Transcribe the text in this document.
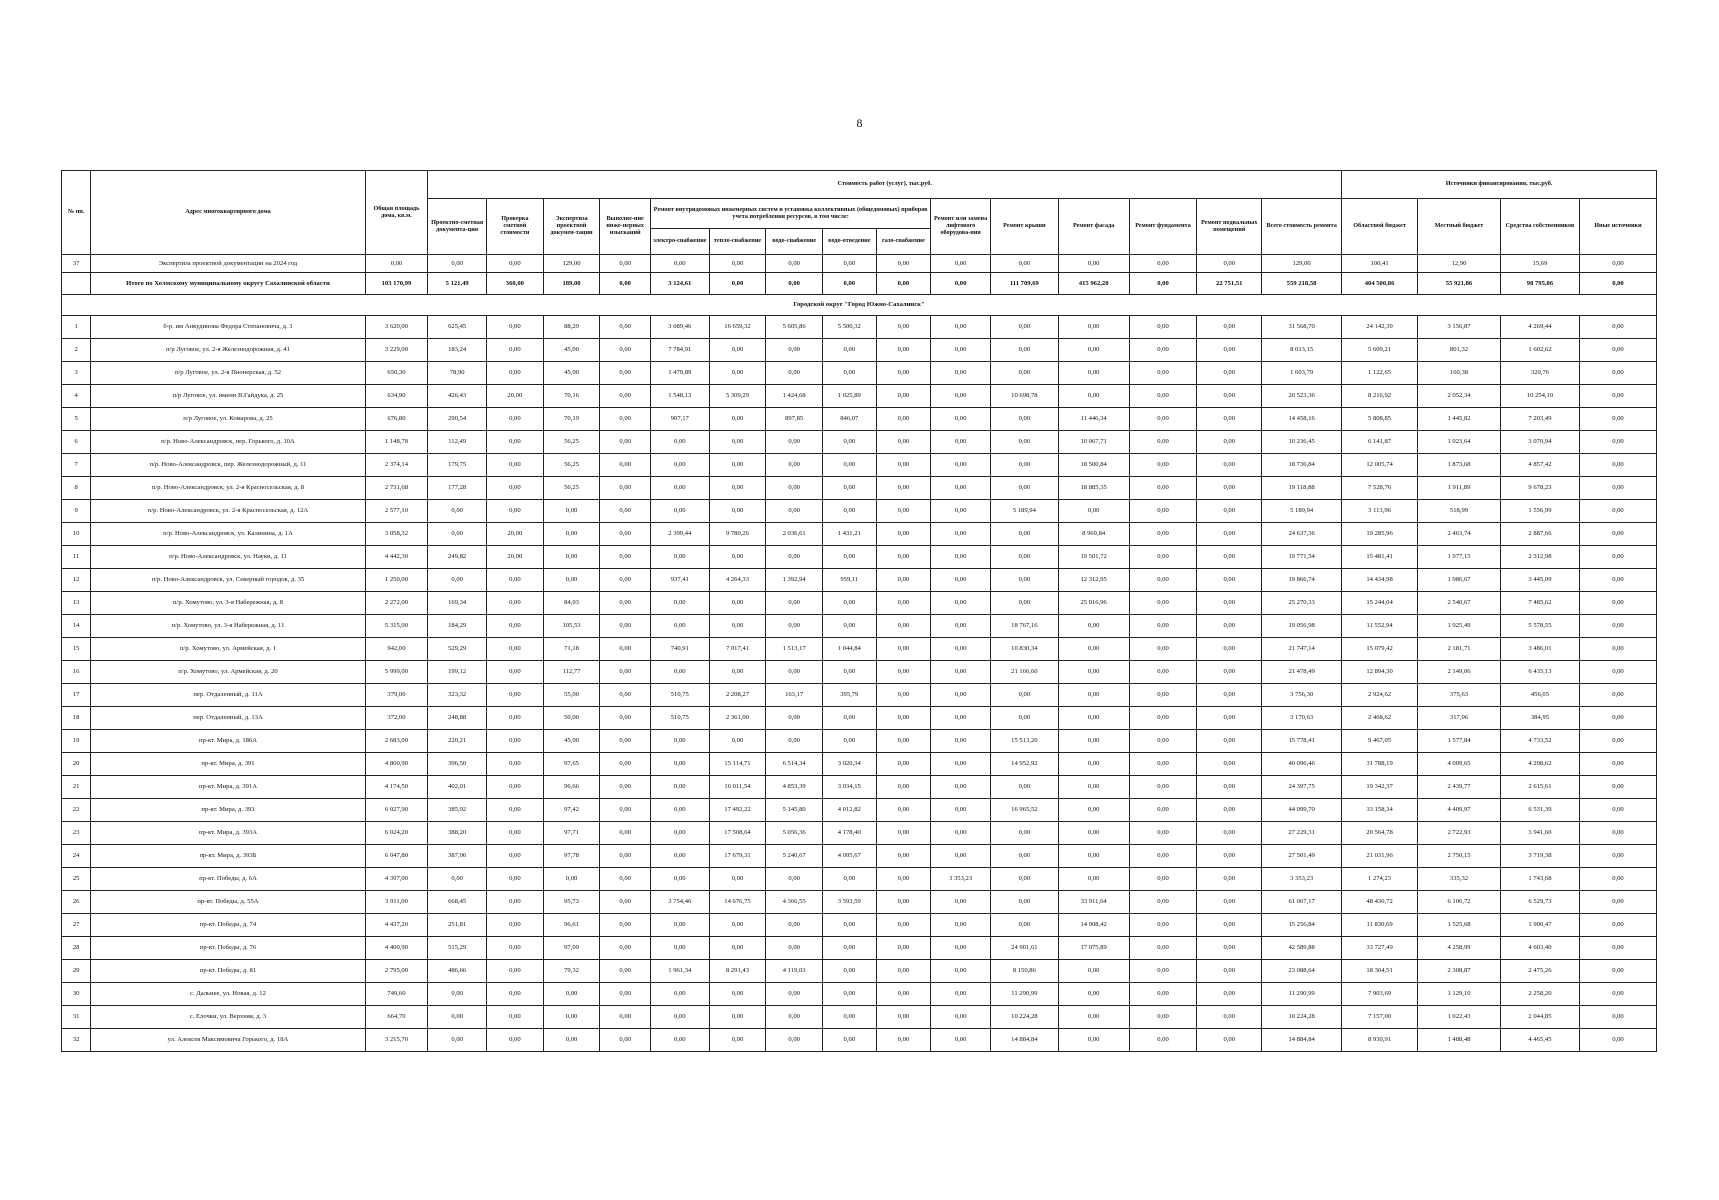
8
№ пп.	Адрес многоквартирного дома	Общая площадь дома, кв.м.	Стоимость работ (услуг), тыс.руб.															Источники финансирования, тыс.руб.			
			Проектно-сметная документа-ция	Проверка сметной стоимости	Экспертиза проектной докумен-тации	Выполне-ние инже-нерных изысканий	Ремонт внутридомовых инженерных систем и установка коллективных (общедомовых) приборов учета потребления ресурсов, в том числе:					Ремонт или замена лифтового оборудова-ния	Ремонт крыши	Ремонт фасада	Ремонт фундамента	Ремонт подвальных помещений	Всего стоимость ремонта	Областной бюджет	Местный бюджет	Средства собственников	Иные источники
							электро-снабжение	тепло-снабжение	водо-снабжение	водо-отведение	газо-снабжение										
37	Экспертиза проектной документации на 2024 год	0,00	0,00	0,00	129,00	0,00	0,00	0,00	0,00	0,00	0,00	0,00	0,00	0,00	0,00	0,00	129,00	100,41	12,90	15,69	0,00
	Итого по Холмскому муниципальному округу Сахалинской области	103 170,99	5 121,49	360,00	189,00	0,00	3 124,61	0,00	0,00	0,00	0,00	0,00	111 709,69	415 962,28	0,00	22 751,51	559 218,58	404 500,86	55 921,86	98 795,86	0,00
Городской округ "Город Южно-Сахалинск"																					
1	б-р. им Анкудинова Федора Степановича, д. 3	3 620,00	625,45	0,00	88,29	0,00	3 089,46	16 659,32	5 605,86	5 500,32	0,00	0,00	0,00	0,00	0,00	0,00	31 568,70	24 142,39	3 156,87	4 269,44	0,00
2	п/р Луговое, ул. 2-я Железнодорожная, д. 41	3 229,00	183,24	0,00	45,00	0,00	7 784,91	0,00	0,00	0,00	0,00	0,00	0,00	0,00	0,00	0,00	8 013,15	5 609,21	801,32	1 602,62	0,00
3	п/р Луговое, ул. 2-я Пионерская, д. 52	650,30	78,90	0,00	45,00	0,00	1 479,89	0,00	0,00	0,00	0,00	0,00	0,00	0,00	0,00	0,00	1 603,79	1 122,65	160,38	320,76	0,00
4	п/р Луговое, ул. имени В.Гайдука, д. 25	634,90	426,43	20,00	70,16	0,00	1 548,13	5 309,29	1 424,68	1 025,89	0,00	0,00	10 698,78	0,00	0,00	0,00	20 523,36	8 216,92	2 052,34	10 254,10	0,00
5	п/р Луговое, ул. Комарова, д. 25	676,80	290,54	0,00	70,19	0,00	907,17	0,00	897,85	846,07	0,00	0,00	0,00	11 446,34	0,00	0,00	14 458,16	5 808,85	1 445,82	7 203,49	0,00
6	п/р. Ново-Александровск, пер. Горького, д. 10А	1 148,78	112,49	0,00	56,25	0,00	0,00	0,00	0,00	0,00	0,00	0,00	0,00	10 067,71	0,00	0,00	10 236,45	6 141,87	1 023,64	3 070,94	0,00
7	п/р. Ново-Александровск, пер. Железнодорожный, д. 11	2 374,14	179,75	0,00	56,25	0,00	0,00	0,00	0,00	0,00	0,00	0,00	0,00	18 500,84	0,00	0,00	18 736,84	12 005,74	1 873,68	4 857,42	0,00
8	п/р. Ново-Александровск, ул. 2-я Красносельская, д. 8	2 731,68	177,28	0,00	56,25	0,00	0,00	0,00	0,00	0,00	0,00	0,00	0,00	18 885,35	0,00	0,00	19 118,88	7 528,76	1 911,89	9 678,23	0,00
9	п/р. Ново-Александровск, ул. 2-я Красносельская, д. 12А	2 577,10	0,00	0,00	0,00	0,00	0,00	0,00	0,00	0,00	0,00	0,00	5 189,94	0,00	0,00	0,00	5 189,94	3 113,96	518,99	1 556,99	0,00
10	п/р. Ново-Александровск, ул. Калинина, д. 1А	3 058,32	0,00	20,00	0,00	0,00	2 399,44	9 780,26	2 036,61	1 431,21	0,00	0,00	0,00	8 969,84	0,00	0,00	24 637,36	19 285,96	2 463,74	2 887,66	0,00
11	п/р. Ново-Александровск, ул. Науки, д. 11	4 442,30	249,82	20,00	0,00	0,00	0,00	0,00	0,00	0,00	0,00	0,00	0,00	19 501,72	0,00	0,00	19 771,54	15 481,41	1 977,15	2 312,98	0,00
12	п/р. Ново-Александровск, ул. Северный городок, д. 35	1 250,00	0,00	0,00	0,00	0,00	937,41	4 264,33	1 392,94	959,11	0,00	0,00	0,00	12 312,95	0,00	0,00	19 866,74	14 434,98	1 986,67	3 445,09	0,00
13	п/р. Хомутово, ул. 3-я Набережная, д. 8	2 272,00	169,34	0,00	84,03	0,00	0,00	0,00	0,00	0,00	0,00	0,00	0,00	25 016,96	0,00	0,00	25 270,33	15 244,04	2 540,67	7 485,62	0,00
14	п/р. Хомутово, ул. 3-я Набережная, д. 11	5 315,00	184,29	0,00	105,53	0,00	0,00	0,00	0,00	0,00	0,00	0,00	18 767,16	0,00	0,00	0,00	19 056,98	11 552,94	1 925,49	5 578,55	0,00
15	п/р. Хомутово, ул. Армейская, д. 1	942,00	529,29	0,00	71,18	0,00	740,91	7 017,41	1 513,17	1 044,84	0,00	0,00	10 830,34	0,00	0,00	0,00	21 747,14	15 079,42	2 181,71	3 486,01	0,00
16	п/р. Хомутово, ул. Армейская, д. 20	5 999,00	199,12	0,00	112,77	0,00	0,00	0,00	0,00	0,00	0,00	0,00	21 166,60	0,00	0,00	0,00	21 478,49	12 894,30	2 149,06	6 435,13	0,00
17	пер. Отдаленный, д. 11А	379,00	323,32	0,00	55,00	0,00	510,75	2 208,27	163,17	395,79	0,00	0,00	0,00	0,00	0,00	0,00	3 756,30	2 924,62	375,63	456,05	0,00
18	пер. Отдаленный, д. 13А	372,00	248,88	0,00	50,00	0,00	510,75	2 361,00	0,00	0,00	0,00	0,00	0,00	0,00	0,00	0,00	3 170,63	2 468,62	317,06	384,95	0,00
19	пр-кт. Мира, д. 186А	2 683,00	220,21	0,00	45,00	0,00	0,00	0,00	0,00	0,00	0,00	0,00	15 513,20	0,00	0,00	0,00	15 778,41	9 467,05	1 577,84	4 733,52	0,00
20	пр-кт. Мира, д. 391	4 860,90	396,50	0,00	97,65	0,00	0,00	15 114,71	6 514,34	3 020,34	0,00	0,00	14 952,92	0,00	0,00	0,00	40 096,46	31 788,19	4 009,65	4 298,62	0,00
21	пр-кт. Мира, д. 391А	4 174,50	402,01	0,00	96,66	0,00	0,00	16 011,54	4 853,39	3 034,15	0,00	0,00	0,00	0,00	0,00	0,00	24 397,75	19 342,37	2 439,77	2 615,61	0,00
22	пр-кт. Мира, д. 393	6 027,90	385,92	0,00	97,42	0,00	0,00	17 492,22	5 145,80	4 012,82	0,00	0,00	16 965,52	0,00	0,00	0,00	44 099,70	33 158,34	4 409,97	6 531,39	0,00
23	пр-кт. Мира, д. 393А	6 024,20	388,20	0,00	97,71	0,00	0,00	17 508,64	5 056,36	4 178,40	0,00	0,00	0,00	0,00	0,00	0,00	27 229,31	20 564,78	2 722,93	3 941,60	0,00
24	пр-кт. Мира, д. 393Б	6 047,80	387,06	0,00	97,78	0,00	0,00	17 679,31	5 240,67	4 095,67	0,00	0,00	0,00	0,00	0,00	0,00	27 501,49	21 031,96	2 750,15	3 719,38	0,00
25	пр-кт. Победы, д. 6А	4 397,00	0,00	0,00	0,00	0,00	0,00	0,00	0,00	0,00	0,00	3 353,23	0,00	0,00	0,00	0,00	3 353,23	1 274,23	335,32	1 743,68	0,00
26	пр-кт. Победы, д. 55А	3 911,00	668,45	0,00	95,73	0,00	3 754,46	14 676,75	4 366,55	3 593,59	0,00	0,00	0,00	33 911,64	0,00	0,00	61 067,17	48 430,72	6 106,72	6 529,73	0,00
27	пр-кт. Победы, д. 74	4 437,20	251,81	0,00	96,61	0,00	0,00	0,00	0,00	0,00	0,00	0,00	0,00	14 908,42	0,00	0,00	15 256,84	11 830,69	1 525,68	1 900,47	0,00
28	пр-кт. Победы, д. 76	4 400,90	515,29	0,00	97,09	0,00	0,00	0,00	0,00	0,00	0,00	0,00	24 901,61	17 075,89	0,00	0,00	42 589,88	33 727,49	4 258,99	4 603,40	0,00
29	пр-кт. Победы, д. 81	2 795,00	486,66	0,00	79,32	0,00	1 961,34	8 291,43	4 119,03	0,00	0,00	0,00	8 150,86	0,00	0,00	0,00	23 088,64	18 304,51	2 308,87	2 475,26	0,00
30	с. Дальнее, ул. Новая, д. 12	749,60	0,00	0,00	0,00	0,00	0,00	0,00	0,00	0,00	0,00	0,00	11 290,99	0,00	0,00	0,00	11 290,99	7 903,69	1 129,10	2 258,20	0,00
31	с. Елочки, ул. Верхняя, д. 3	664,70	0,00	0,00	0,00	0,00	0,00	0,00	0,00	0,00	0,00	0,00	10 224,28	0,00	0,00	0,00	10 224,28	7 157,00	1 022,43	2 044,85	0,00
32	ул. Алексея Максимовича Горького, д. 18А	3 215,70	0,00	0,00	0,00	0,00	0,00	0,00	0,00	0,00	0,00	0,00	14 884,84	0,00	0,00	0,00	14 884,84	8 930,91	1 488,48	4 465,45	0,00
